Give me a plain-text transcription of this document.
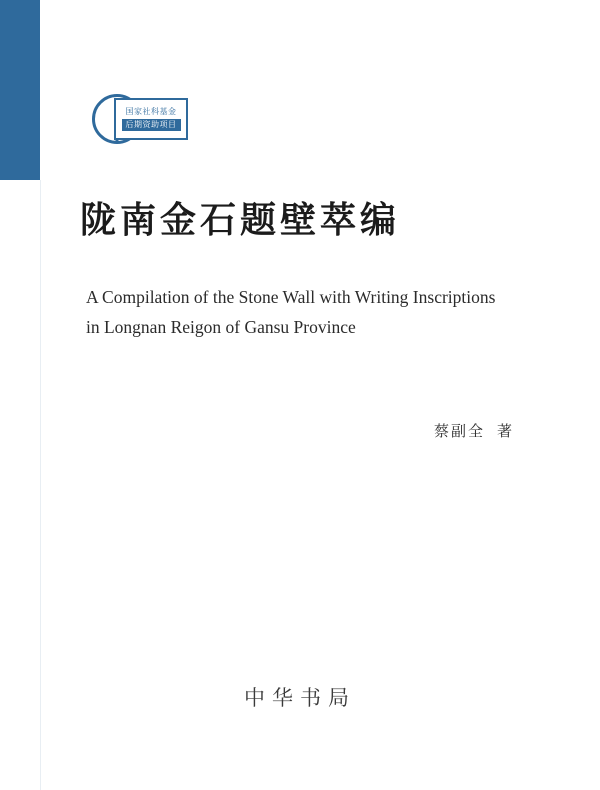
国家社科基金
后期资助项目
陇南金石题壁萃编
A Compilation of the Stone Wall with Writing Inscriptions
in Longnan Reigon of Gansu Province
蔡副全 著
中华书局
